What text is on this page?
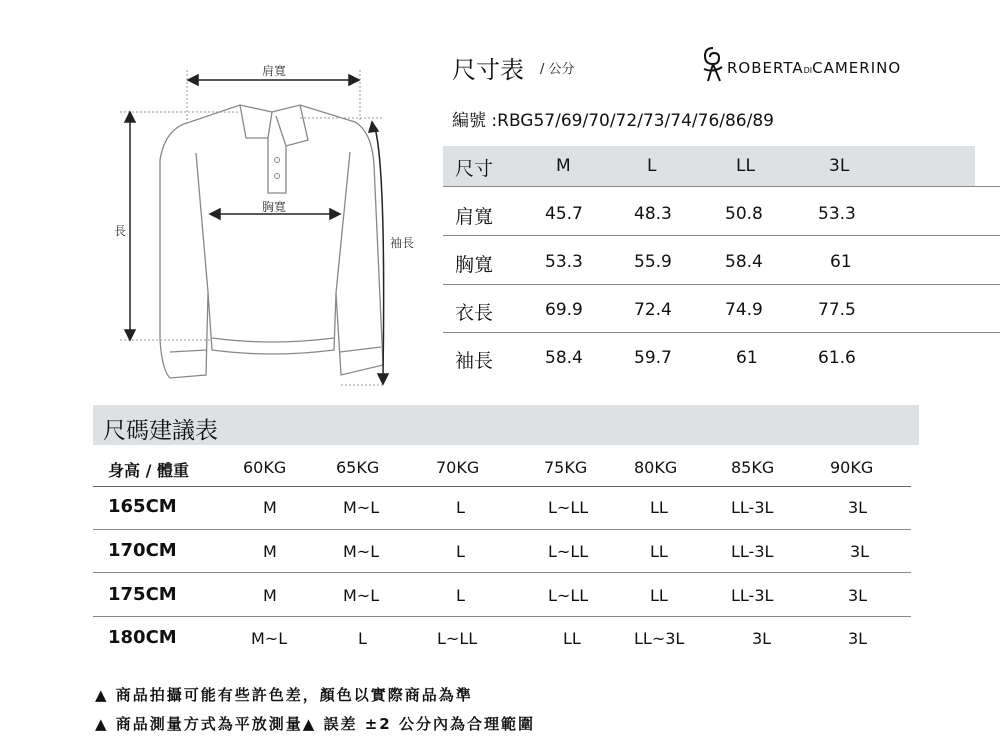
肩寬
胸寬
長
袖長
尺寸表 / 公分	ROBERTADICAMERINO
編號 :RBG57/69/70/72/73/74/76/86/89
尺寸	M	L	LL	3L
肩寬	45.7	48.3	50.8	53.3
胸寬	53.3	55.9	58.4	61
衣長	69.9	72.4	74.9	77.5
袖長	58.4	59.7	61	61.6
尺碼建議表
身高 / 體重	60KG	65KG	70KG	75KG	80KG	85KG	90KG
165CM	M	M~L	L	L~LL	LL	LL-3L	3L
170CM	M	M~L	L	L~LL	LL	LL-3L	3L
175CM	M	M~L	L	L~LL	LL	LL-3L	3L
180CM	M~L	L	L~LL	LL	LL~3L	3L	3L
▲ 商品拍攝可能有些許色差，顏色以實際商品為準
▲ 商品測量方式為平放測量▲ 誤差 ±2 公分內為合理範圍
